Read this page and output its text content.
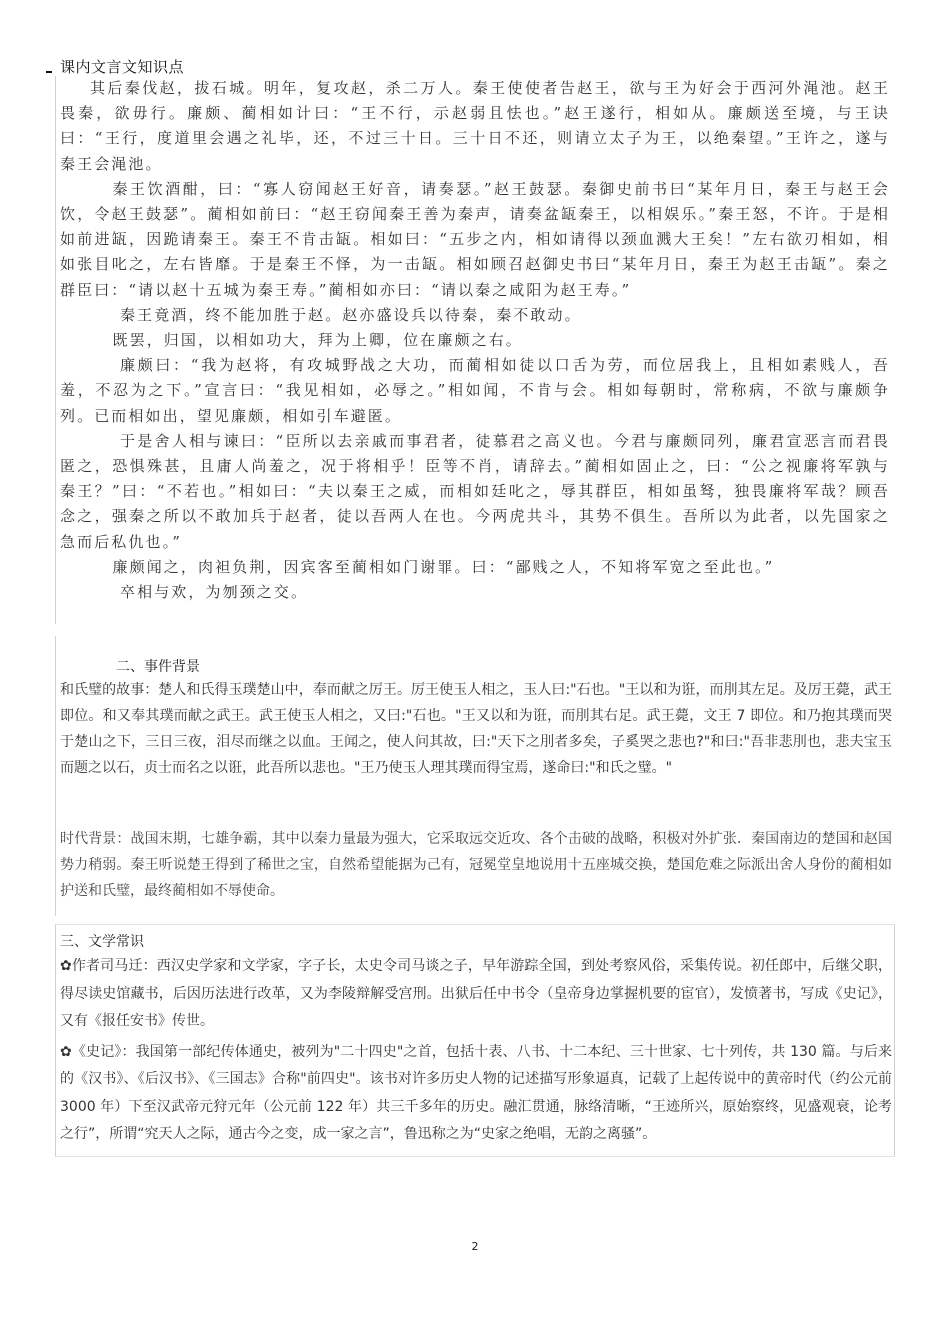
课内文言文知识点

其后秦伐赵，拔石城。明年，复攻赵，杀二万人。秦王使使者告赵王，欲与王为好会于西河外渑池。赵王畏秦，欲毋行。廉颇、蔺相如计曰：“王不行，示赵弱且怯也。”赵王遂行，相如从。廉颇送至境，与王诀曰：“王行，度道里会遇之礼毕，还，不过三十日。三十日不还，则请立太子为王，以绝秦望。”王许之，遂与秦王会渑池。

秦王饮酒酣，曰：“寡人窃闻赵王好音，请奏瑟。”赵王鼓瑟。秦御史前书曰“某年月日，秦王与赵王会饮，令赵王鼓瑟”。蔺相如前曰：“赵王窃闻秦王善为秦声，请奏盆缻秦王，以相娱乐。”秦王怒，不许。于是相如前进缻，因跪请秦王。秦王不肯击缻。相如曰：“五步之内，相如请得以颈血溅大王矣！”左右欲刃相如，相如张目叱之，左右皆靡。于是秦王不怿，为一击缻。相如顾召赵御史书曰“某年月日，秦王为赵王击缻”。秦之群臣曰：“请以赵十五城为秦王寿。”蔺相如亦曰：“请以秦之咸阳为赵王寿。”

秦王竟酒，终不能加胜于赵。赵亦盛设兵以待秦，秦不敢动。

既罢，归国，以相如功大，拜为上卿，位在廉颇之右。

廉颇曰：“我为赵将，有攻城野战之大功，而蔺相如徒以口舌为劳，而位居我上，且相如素贱人，吾羞，不忍为之下。”宣言曰：“我见相如，必辱之。”相如闻，不肯与会。相如每朝时，常称病，不欲与廉颇争列。已而相如出，望见廉颇，相如引车避匿。

于是舍人相与谏曰：“臣所以去亲戚而事君者，徒慕君之高义也。今君与廉颇同列，廉君宣恶言而君畏匿之，恐惧殊甚，且庸人尚羞之，况于将相乎！臣等不肖，请辞去。”蔺相如固止之，曰：“公之视廉将军孰与秦王？”曰：“不若也。”相如曰：“夫以秦王之威，而相如廷叱之，辱其群臣，相如虽驽，独畏廉将军哉？顾吾念之，强秦之所以不敢加兵于赵者，徒以吾两人在也。今两虎共斗，其势不俱生。吾所以为此者，以先国家之急而后私仇也。”

廉颇闻之，肉袒负荆，因宾客至蔺相如门谢罪。曰：“鄙贱之人，不知将军宽之至此也。”

卒相与欢，为刎颈之交。

二、事件背景

和氏璧的故事：楚人和氏得玉璞楚山中，奉而献之厉王。厉王使玉人相之，玉人曰:"石也。"王以和为诳，而刖其左足。及厉王薨，武王即位。和又奉其璞而献之武王。武王使玉人相之，又曰:"石也。"王又以和为诳，而刖其右足。武王薨，文王 7 即位。和乃抱其璞而哭于楚山之下，三日三夜，泪尽而继之以血。王闻之，使人问其故，曰:"天下之刖者多矣，子奚哭之悲也?"和曰:"吾非悲刖也，悲夫宝玉而题之以石，贞士而名之以诳，此吾所以悲也。"王乃使玉人理其璞而得宝焉，遂命曰:"和氏之璧。"

时代背景：战国末期，七雄争霸，其中以秦力量最为强大，它采取远交近攻、各个击破的战略，积极对外扩张．秦国南边的楚国和赵国势力稍弱。秦王听说楚王得到了稀世之宝，自然希望能据为己有，冠冕堂皇地说用十五座城交换，楚国危难之际派出舍人身份的蔺相如护送和氏璧，最终蔺相如不辱使命。

三、文学常识

✿作者司马迁：西汉史学家和文学家，字子长，太史令司马谈之子，早年游踪全国，到处考察风俗，采集传说。初任郎中，后继父职，得尽读史馆藏书，后因历法进行改革，又为李陵辩解受宫刑。出狱后任中书令（皇帝身边掌握机要的宦官），发愤著书，写成《史记》，又有《报任安书》传世。

✿《史记》：我国第一部纪传体通史，被列为"二十四史"之首，包括十表、八书、十二本纪、三十世家、七十列传，共 130 篇。与后来的《汉书》、《后汉书》、《三国志》合称"前四史"。该书对许多历史人物的记述描写形象逼真，记载了上起传说中的黄帝时代（约公元前 3000 年）下至汉武帝元狩元年（公元前 122 年）共三千多年的历史。融汇贯通，脉络清晰，“王迹所兴，原始察终，见盛观衰，论考之行”，所谓“究天人之际，通古今之变，成一家之言”，鲁迅称之为“史家之绝唱，无韵之离骚”。

2
